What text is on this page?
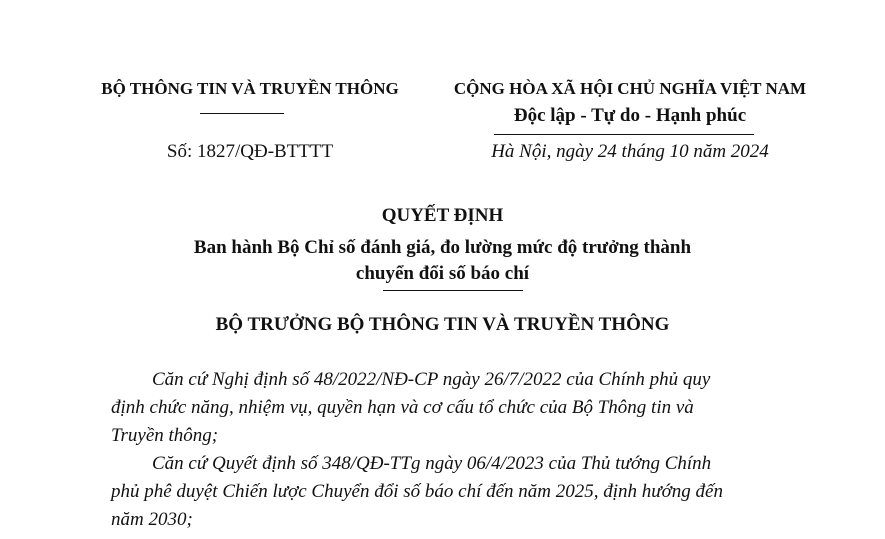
BỘ THÔNG TIN VÀ TRUYỀN THÔNG
Số: 1827/QĐ-BTTTT
CỘNG HÒA XÃ HỘI CHỦ NGHĨA VIỆT NAM
Độc lập - Tự do - Hạnh phúc
Hà Nội, ngày 24 tháng 10 năm 2024
QUYẾT ĐỊNH
Ban hành Bộ Chỉ số đánh giá, đo lường mức độ trưởng thành
chuyển đổi số báo chí
BỘ TRƯỞNG BỘ THÔNG TIN VÀ TRUYỀN THÔNG
Căn cứ Nghị định số 48/2022/NĐ-CP ngày 26/7/2022 của Chính phủ quy
định chức năng, nhiệm vụ, quyền hạn và cơ cấu tổ chức của Bộ Thông tin và
Truyền thông;
Căn cứ Quyết định số 348/QĐ-TTg ngày 06/4/2023 của Thủ tướng Chính
phủ phê duyệt Chiến lược Chuyển đổi số báo chí đến năm 2025, định hướng đến
năm 2030;
